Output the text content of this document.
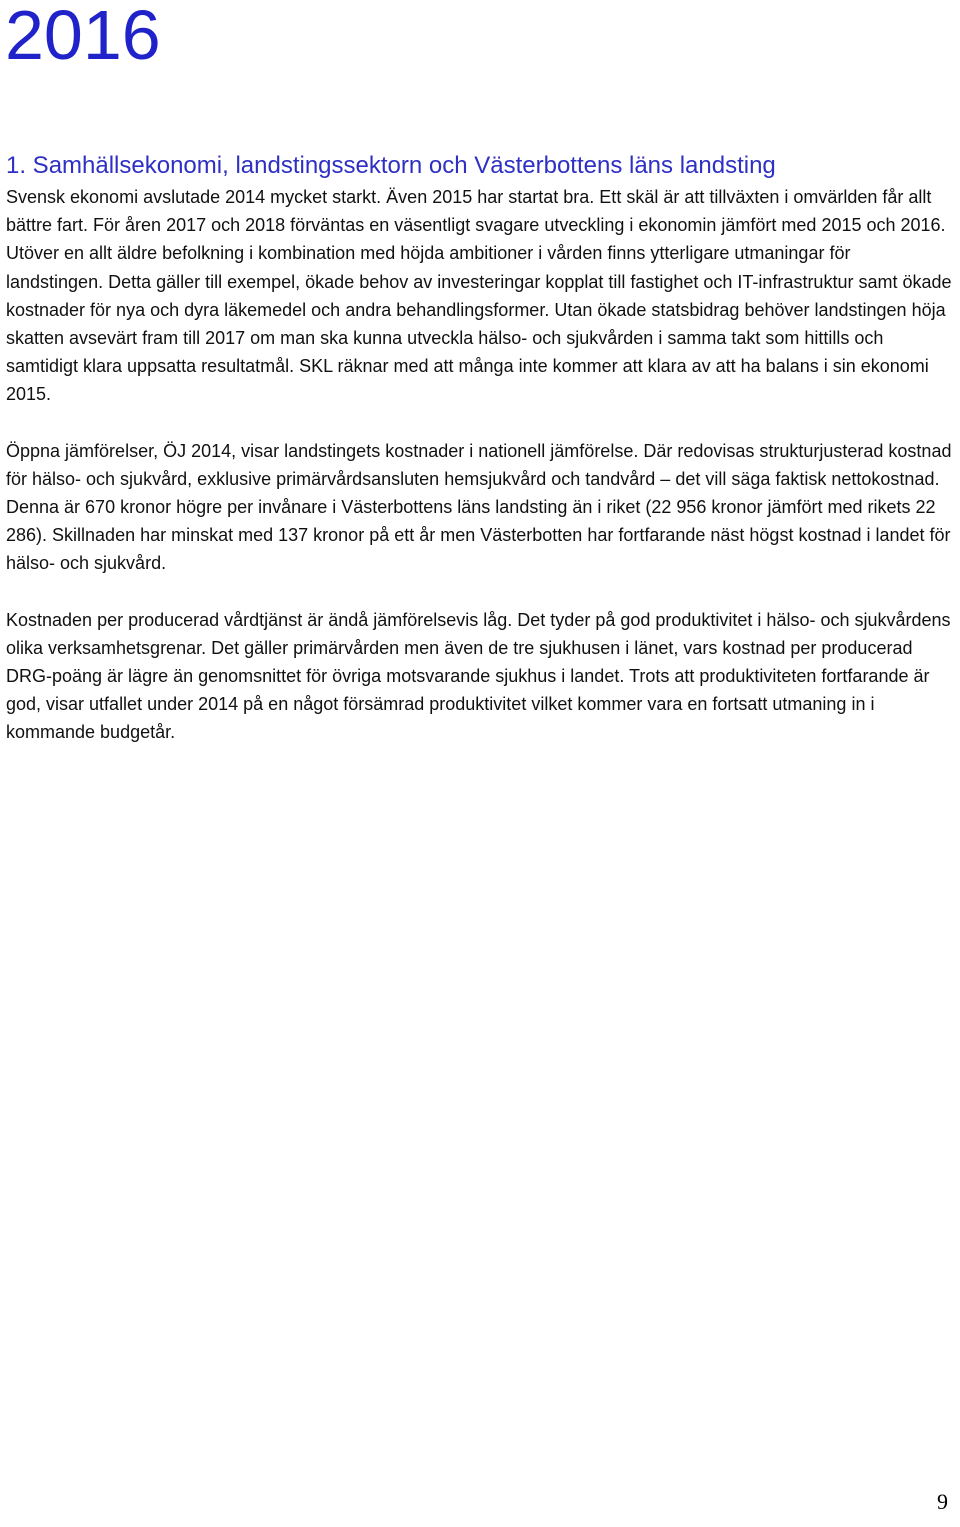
2016
1. Samhällsekonomi, landstingssektorn och Västerbottens läns landsting

Svensk ekonomi avslutade 2014 mycket starkt. Även 2015 har startat bra. Ett skäl är att tillväxten i omvärlden får allt bättre fart. För åren 2017 och 2018 förväntas en väsentligt svagare utveckling i ekonomin jämfört med 2015 och 2016. Utöver en allt äldre befolkning i kombination med höjda ambitioner i vården finns ytterligare utmaningar för landstingen. Detta gäller till exempel, ökade behov av investeringar kopplat till fastighet och IT-infrastruktur samt ökade kostnader för nya och dyra läkemedel och andra behandlingsformer. Utan ökade statsbidrag behöver landstingen höja skatten avsevärt fram till 2017 om man ska kunna utveckla hälso- och sjukvården i samma takt som hittills och samtidigt klara uppsatta resultatmål. SKL räknar med att många inte kommer att klara av att ha balans i sin ekonomi 2015.

Öppna jämförelser, ÖJ 2014, visar landstingets kostnader i nationell jämförelse. Där redovisas strukturjusterad kostnad för hälso- och sjukvård, exklusive primärvårdsansluten hemsjukvård och tandvård – det vill säga faktisk nettokostnad. Denna är 670 kronor högre per invånare i Västerbottens läns landsting än i riket (22 956 kronor jämfört med rikets 22 286). Skillnaden har minskat med 137 kronor på ett år men Västerbotten har fortfarande näst högst kostnad i landet för hälso- och sjukvård.

Kostnaden per producerad vårdtjänst är ändå jämförelsevis låg. Det tyder på god produktivitet i hälso- och sjukvårdens olika verksamhetsgrenar. Det gäller primärvården men även de tre sjukhusen i länet, vars kostnad per producerad DRG-poäng är lägre än genomsnittet för övriga motsvarande sjukhus i landet. Trots att produktiviteten fortfarande är god, visar utfallet under 2014 på en något försämrad produktivitet vilket kommer vara en fortsatt utmaning in i kommande budgetår.

9
